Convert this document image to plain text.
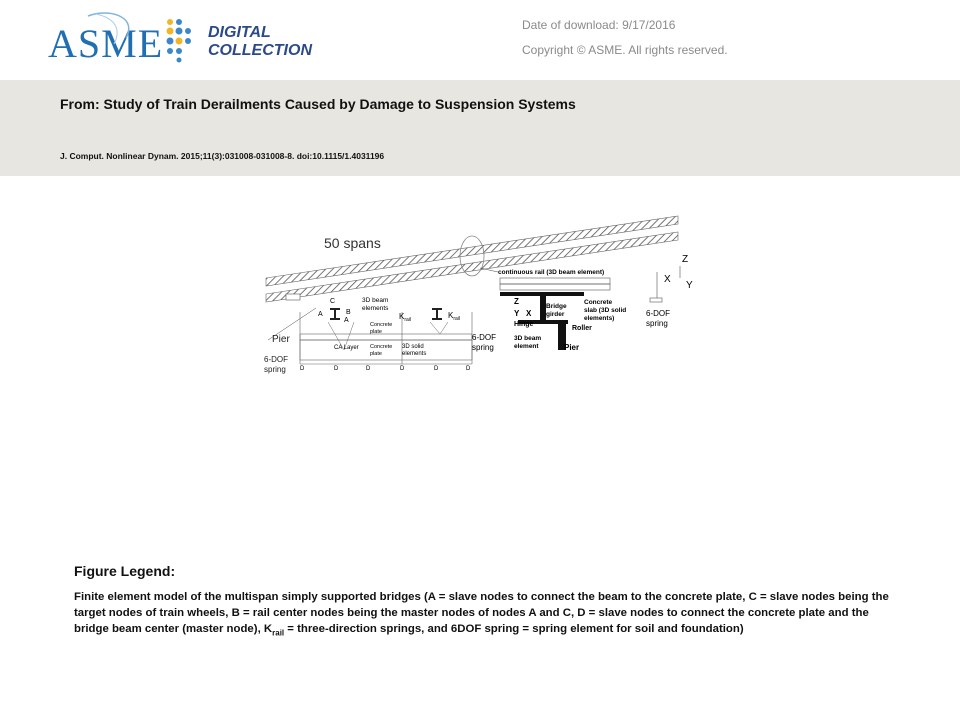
ASME	DIGITAL
COLLECTION
Date of download: 9/17/2016
Copyright © ASME. All rights reserved.
From: Study of Train Derailments Caused by Damage to Suspension Systems
J. Comput. Nonlinear Dynam. 2015;11(3):031008-031008-8. doi:10.1115/1.4031196
50 spans
Pier
6-DOF
spring
C
A	B
A
3D beam
elements
$K_{rail}$	$K_{rail}$
Concrete
plate
CA Layer Concrete
plate
3D solid
elements
D	D	D	D	D	D
6-DOF
spring
continuous rail (3D beam element)
Z
Y X
Hinge
Bridge
girder
Concrete
slab (3D solid
elements)
Roller
3D beam
element	Pier
6-DOF
spring
Z
X
Y
Figure Legend:
Finite element model of the multispan simply supported bridges (A = slave nodes to connect the beam to the concrete plate, C = slave nodes being the target nodes of train wheels, B = rail center nodes being the master nodes of nodes A and C, D = slave nodes to connect the concrete plate and the bridge beam center (master node), $K_{rail}$ = three-direction springs, and 6DOF spring = spring element for soil and foundation)
